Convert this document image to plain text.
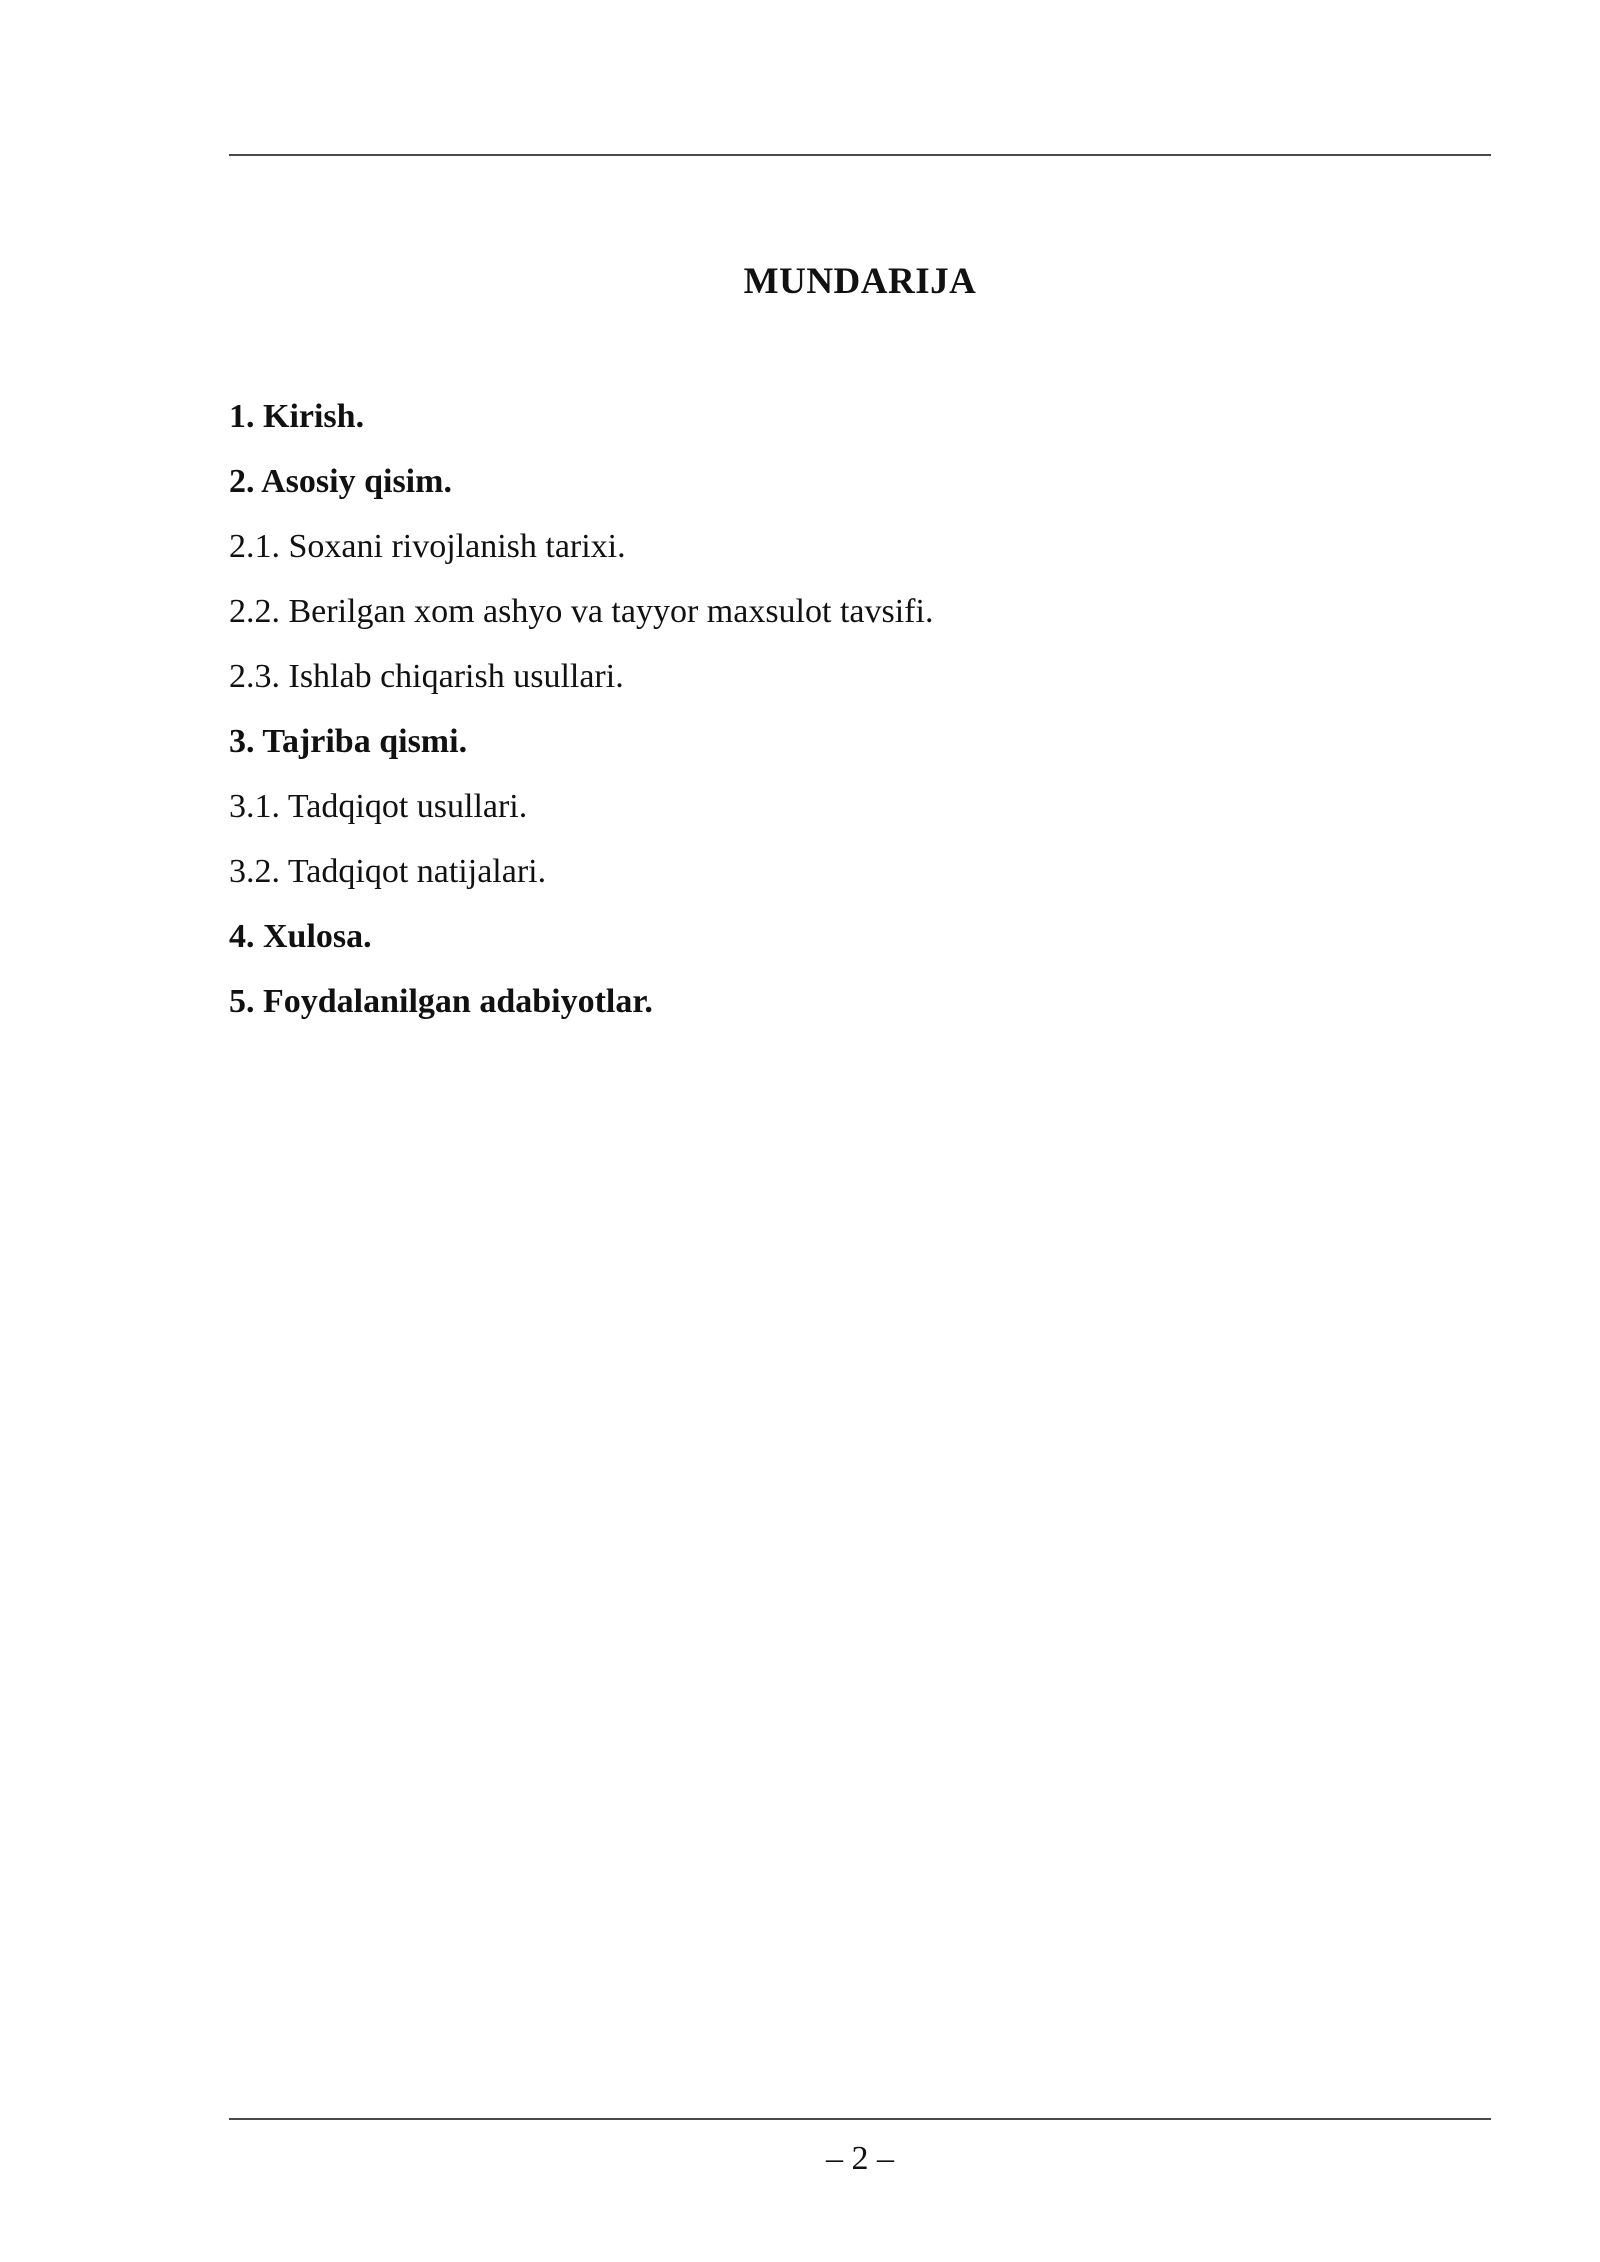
MUNDARIJA
1. Kirish.
2. Asosiy qisim.
2.1. Soxani rivojlanish tarixi.
2.2. Berilgan xom ashyo va tayyor maxsulot tavsifi.
2.3. Ishlab chiqarish usullari.
3. Tajriba qismi.
3.1. Tadqiqot usullari.
3.2. Tadqiqot natijalari.
4. Xulosa.
5. Foydalanilgan adabiyotlar.
– 2 –
